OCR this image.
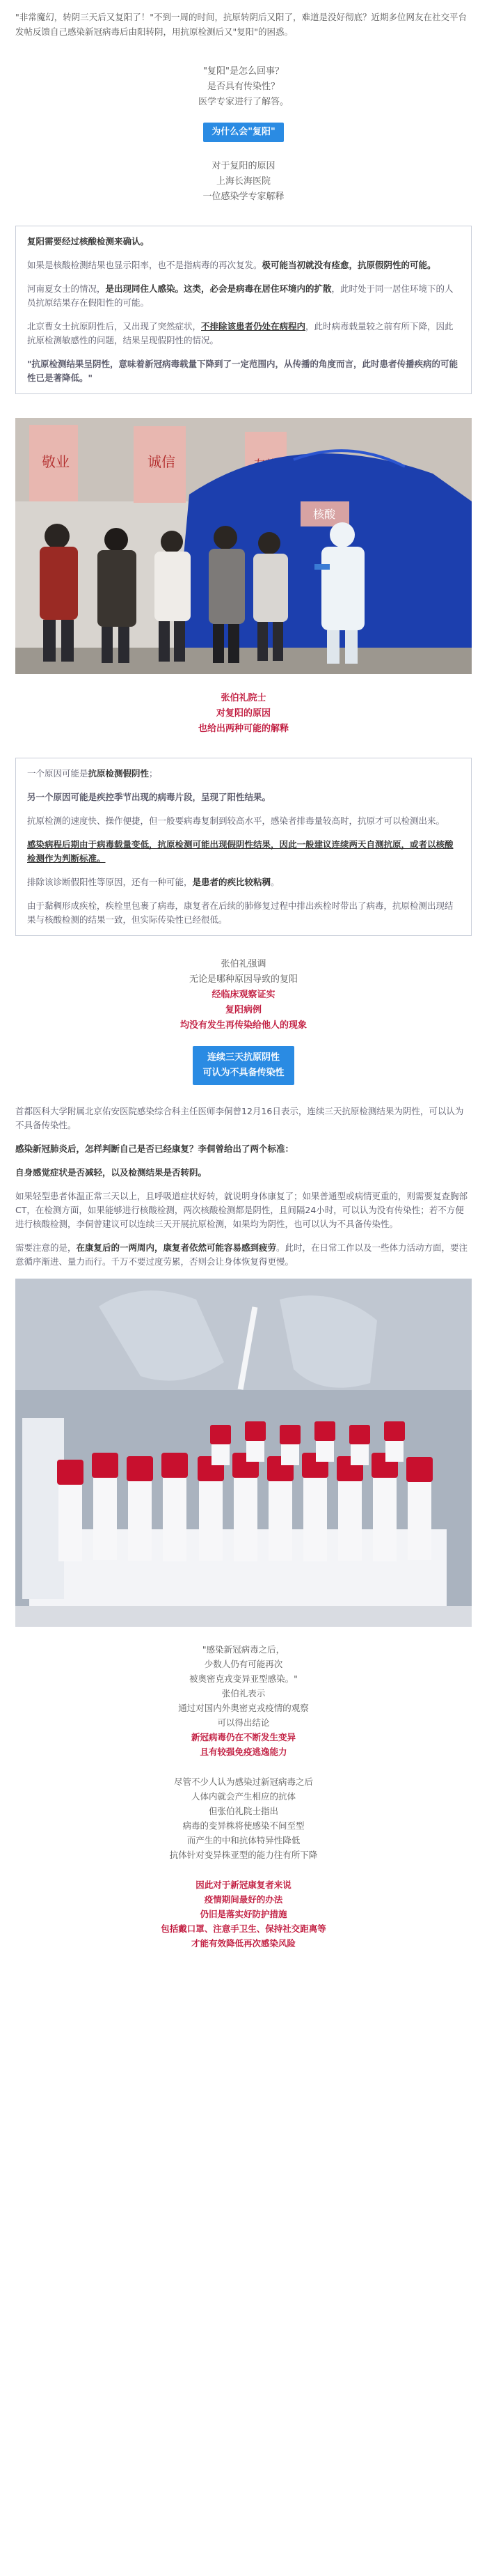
"非常魔幻，转阴三天后又复阳了！"不到一周的时间，抗原转阴后又阳了，难道是没好彻底？近期多位网友在社交平台发帖反馈自己感染新冠病毒后由阳转阴，用抗原检测后又"复阳"的困惑。

"复阳"是怎么回事？

是否具有传染性？

医学专家进行了解答。

为什么会"复阳"

对于复阳的原因

上海长海医院

一位感染学专家解释

复阳需要经过核酸检测来确认。

如果是核酸检测结果也显示阳率，也不是指病毒的再次复发。极可能当初就没有痊愈，抗原假阴性的可能。

河南夏女士的情况，是出现同住人感染。这类，必会是病毒在居住环境内的扩散，此时处于同一居住环境下的人员抗原结果存在假阳性的可能。

北京曹女士抗原阴性后，又出现了突然症状，不排除该患者仍处在病程内，此时病毒载量较之前有所下降，因此抗原检测敏感性的问题，结果呈现假阴性的情况。

"抗原检测结果呈阴性，意味着新冠病毒载量下降到了一定范围内，从传播的角度而言，此时患者传播疾病的可能性已是著降低。"

敬业	诚信
核酸

张伯礼院士

对复阳的原因

也给出两种可能的解释

一个原因可能是抗原检测假阴性；

另一个原因可能是疾控季节出现的病毒片段，呈现了阳性结果。

抗原检测的速度快、操作便捷，但一般要病毒复制到较高水平，感染者排毒量较高时，抗原才可以检测出来。

感染病程后期由于病毒载量变低，抗原检测可能出现假阴性结果，因此一般建议连续两天自测抗原，或者以核酸检测作为判断标准。

排除该诊断假阳性等原因，还有一种可能，是患者的疾比较粘稠。

由于黏稠形成疾栓，疾栓里包裹了病毒，康复者在后续的肺修复过程中排出疾栓时带出了病毒，抗原检测出现结果与核酸检测的结果一致，但实际传染性已经很低。

张伯礼强调

无论是哪种原因导致的复阳

经临床观察证实

复阳病例

均没有发生再传染给他人的现象

连续三天抗原阴性
可认为不具备传染性

首都医科大学附属北京佑安医院感染综合科主任医师李侗曾12月16日表示，连续三天抗原检测结果为阴性，可以认为不具备传染性。

感染新冠肺炎后，怎样判断自己是否已经康复？李侗曾给出了两个标准：

自身感觉症状是否减轻，以及检测结果是否转阴。

如果轻型患者体温正常三天以上，且呼吸道症状好转，就说明身体康复了；如果普通型或病情更重的，则需要复查胸部CT，在检测方面，如果能够进行核酸检测，两次核酸检测都是阴性，且间隔24小时，可以认为没有传染性；若不方便进行核酸检测，李侗曾建议可以连续三天开展抗原检测，如果均为阴性，也可以认为不具备传染性。

需要注意的是，在康复后的一两周内，康复者依然可能容易感到疲劳。此时，在日常工作以及一些体力活动方面，要注意循序渐进、量力而行。千万不要过度劳累，否则会让身体恢复得更慢。

"感染新冠病毒之后，

少数人仍有可能再次

被奥密克戎变异亚型感染。"

张伯礼表示

通过对国内外奥密克戎疫情的观察

可以得出结论

新冠病毒仍在不断发生变异

且有较强免疫逃逸能力

尽管不少人认为感染过新冠病毒之后

人体内就会产生相应的抗体

但张伯礼院士指出

病毒的变异株将使感染不间至型

而产生的中和抗体特异性降低

抗体针对变异株亚型的能力往有所下降

因此对于新冠康复者来说

疫情期间最好的办法

仍旧是落实好防护措施

包括戴口罩、注意手卫生、保持社交距离等

才能有效降低再次感染风险
